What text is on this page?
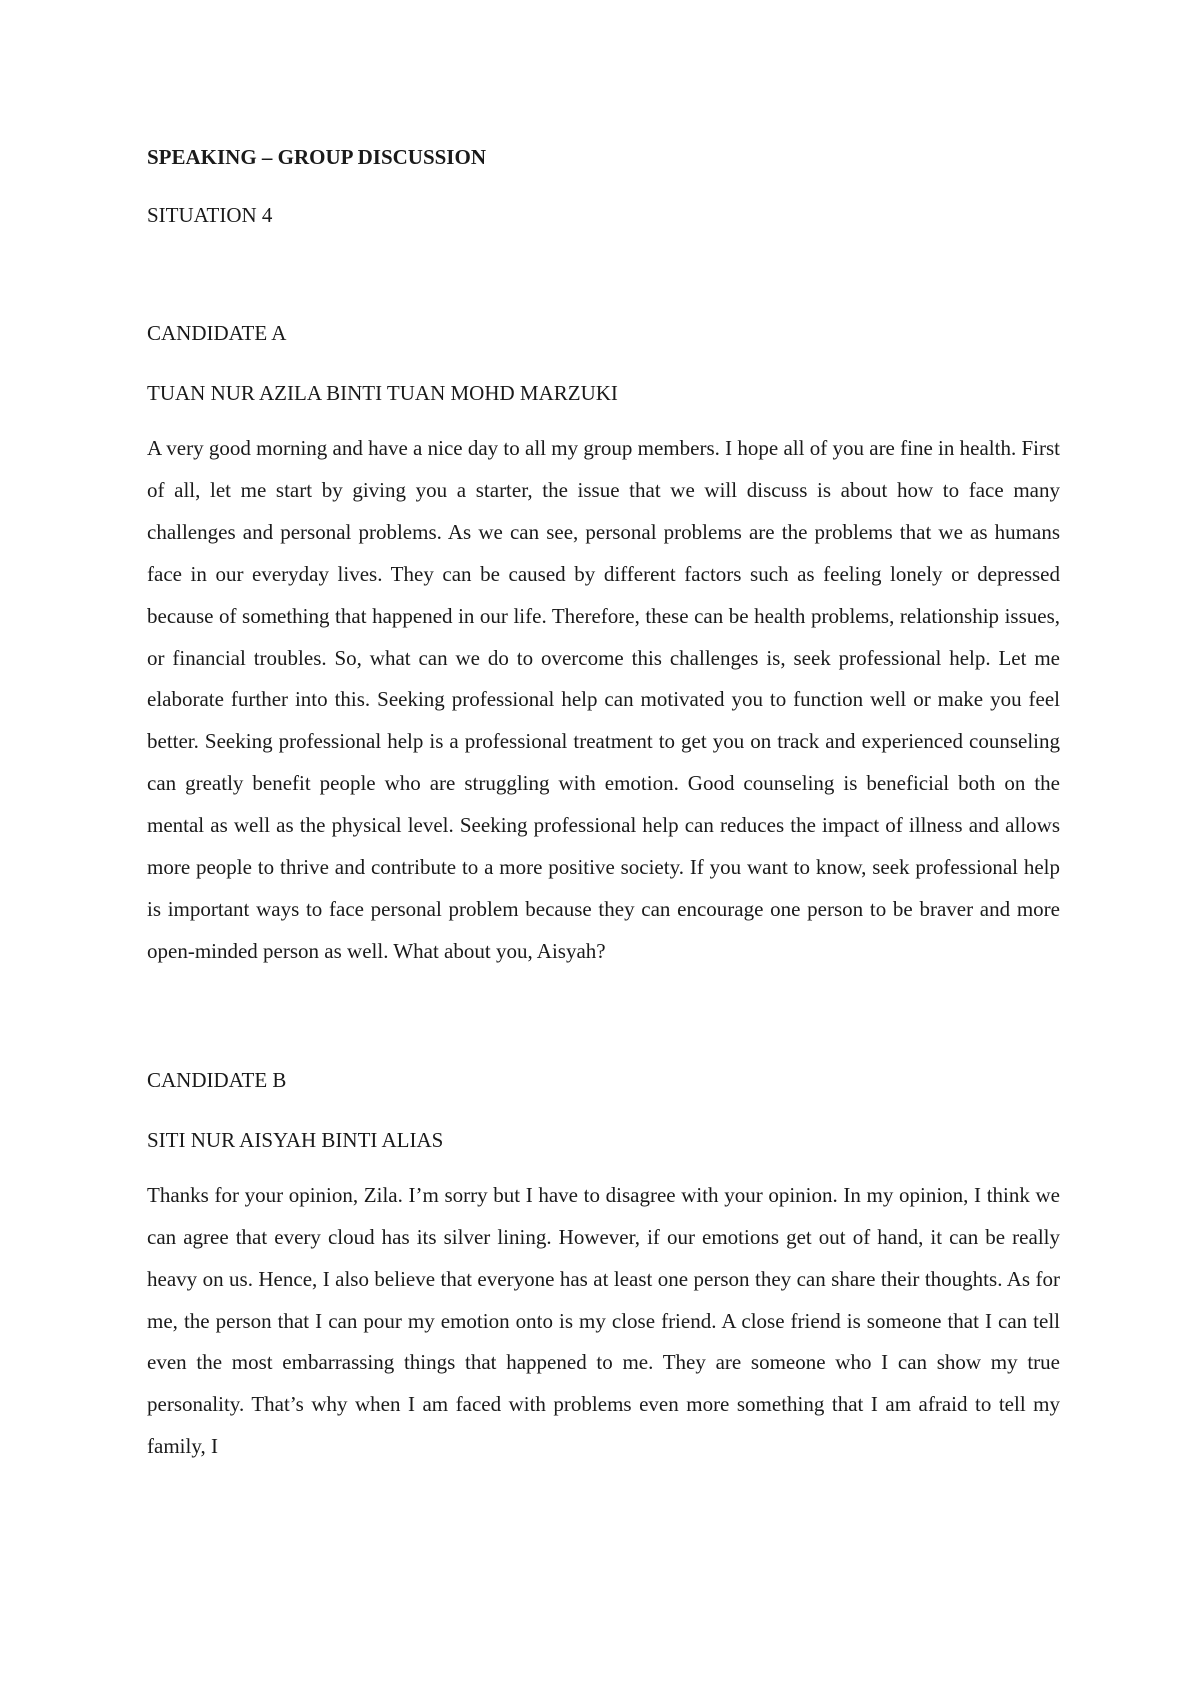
SPEAKING – GROUP DISCUSSION

SITUATION 4

CANDIDATE A

TUAN NUR AZILA BINTI TUAN MOHD MARZUKI

A very good morning and have a nice day to all my group members. I hope all of you are fine in health. First of all, let me start by giving you a starter, the issue that we will discuss is about how to face many challenges and personal problems. As we can see, personal problems are the problems that we as humans face in our everyday lives. They can be caused by different factors such as feeling lonely or depressed because of something that happened in our life. Therefore, these can be health problems, relationship issues, or financial troubles. So, what can we do to overcome this challenges is, seek professional help. Let me elaborate further into this. Seeking professional help can motivated you to function well or make you feel better. Seeking professional help is a professional treatment to get you on track and experienced counseling can greatly benefit people who are struggling with emotion. Good counseling is beneficial both on the mental as well as the physical level. Seeking professional help can reduces the impact of illness and allows more people to thrive and contribute to a more positive society. If you want to know, seek professional help is important ways to face personal problem because they can encourage one person to be braver and more open-minded person as well. What about you, Aisyah?

CANDIDATE B

SITI NUR AISYAH BINTI ALIAS

Thanks for your opinion, Zila. I’m sorry but I have to disagree with your opinion. In my opinion, I think we can agree that every cloud has its silver lining. However, if our emotions get out of hand, it can be really heavy on us. Hence, I also believe that everyone has at least one person they can share their thoughts. As for me, the person that I can pour my emotion onto is my close friend. A close friend is someone that I can tell even the most embarrassing things that happened to me. They are someone who I can show my true personality. That’s why when I am faced with problems even more something that I am afraid to tell my family, I
